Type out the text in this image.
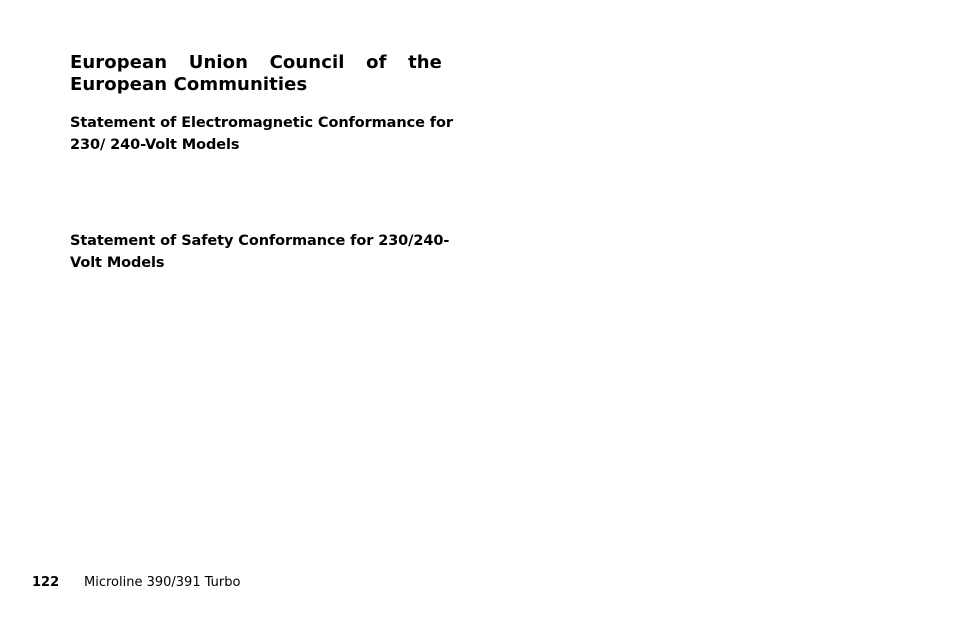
European Union Council of the European Communities
Statement of Electromagnetic Conformance for 230/ 240-Volt Models
Statement of Safety Conformance for 230/240-Volt Models
122 Microline 390/391 Turbo
